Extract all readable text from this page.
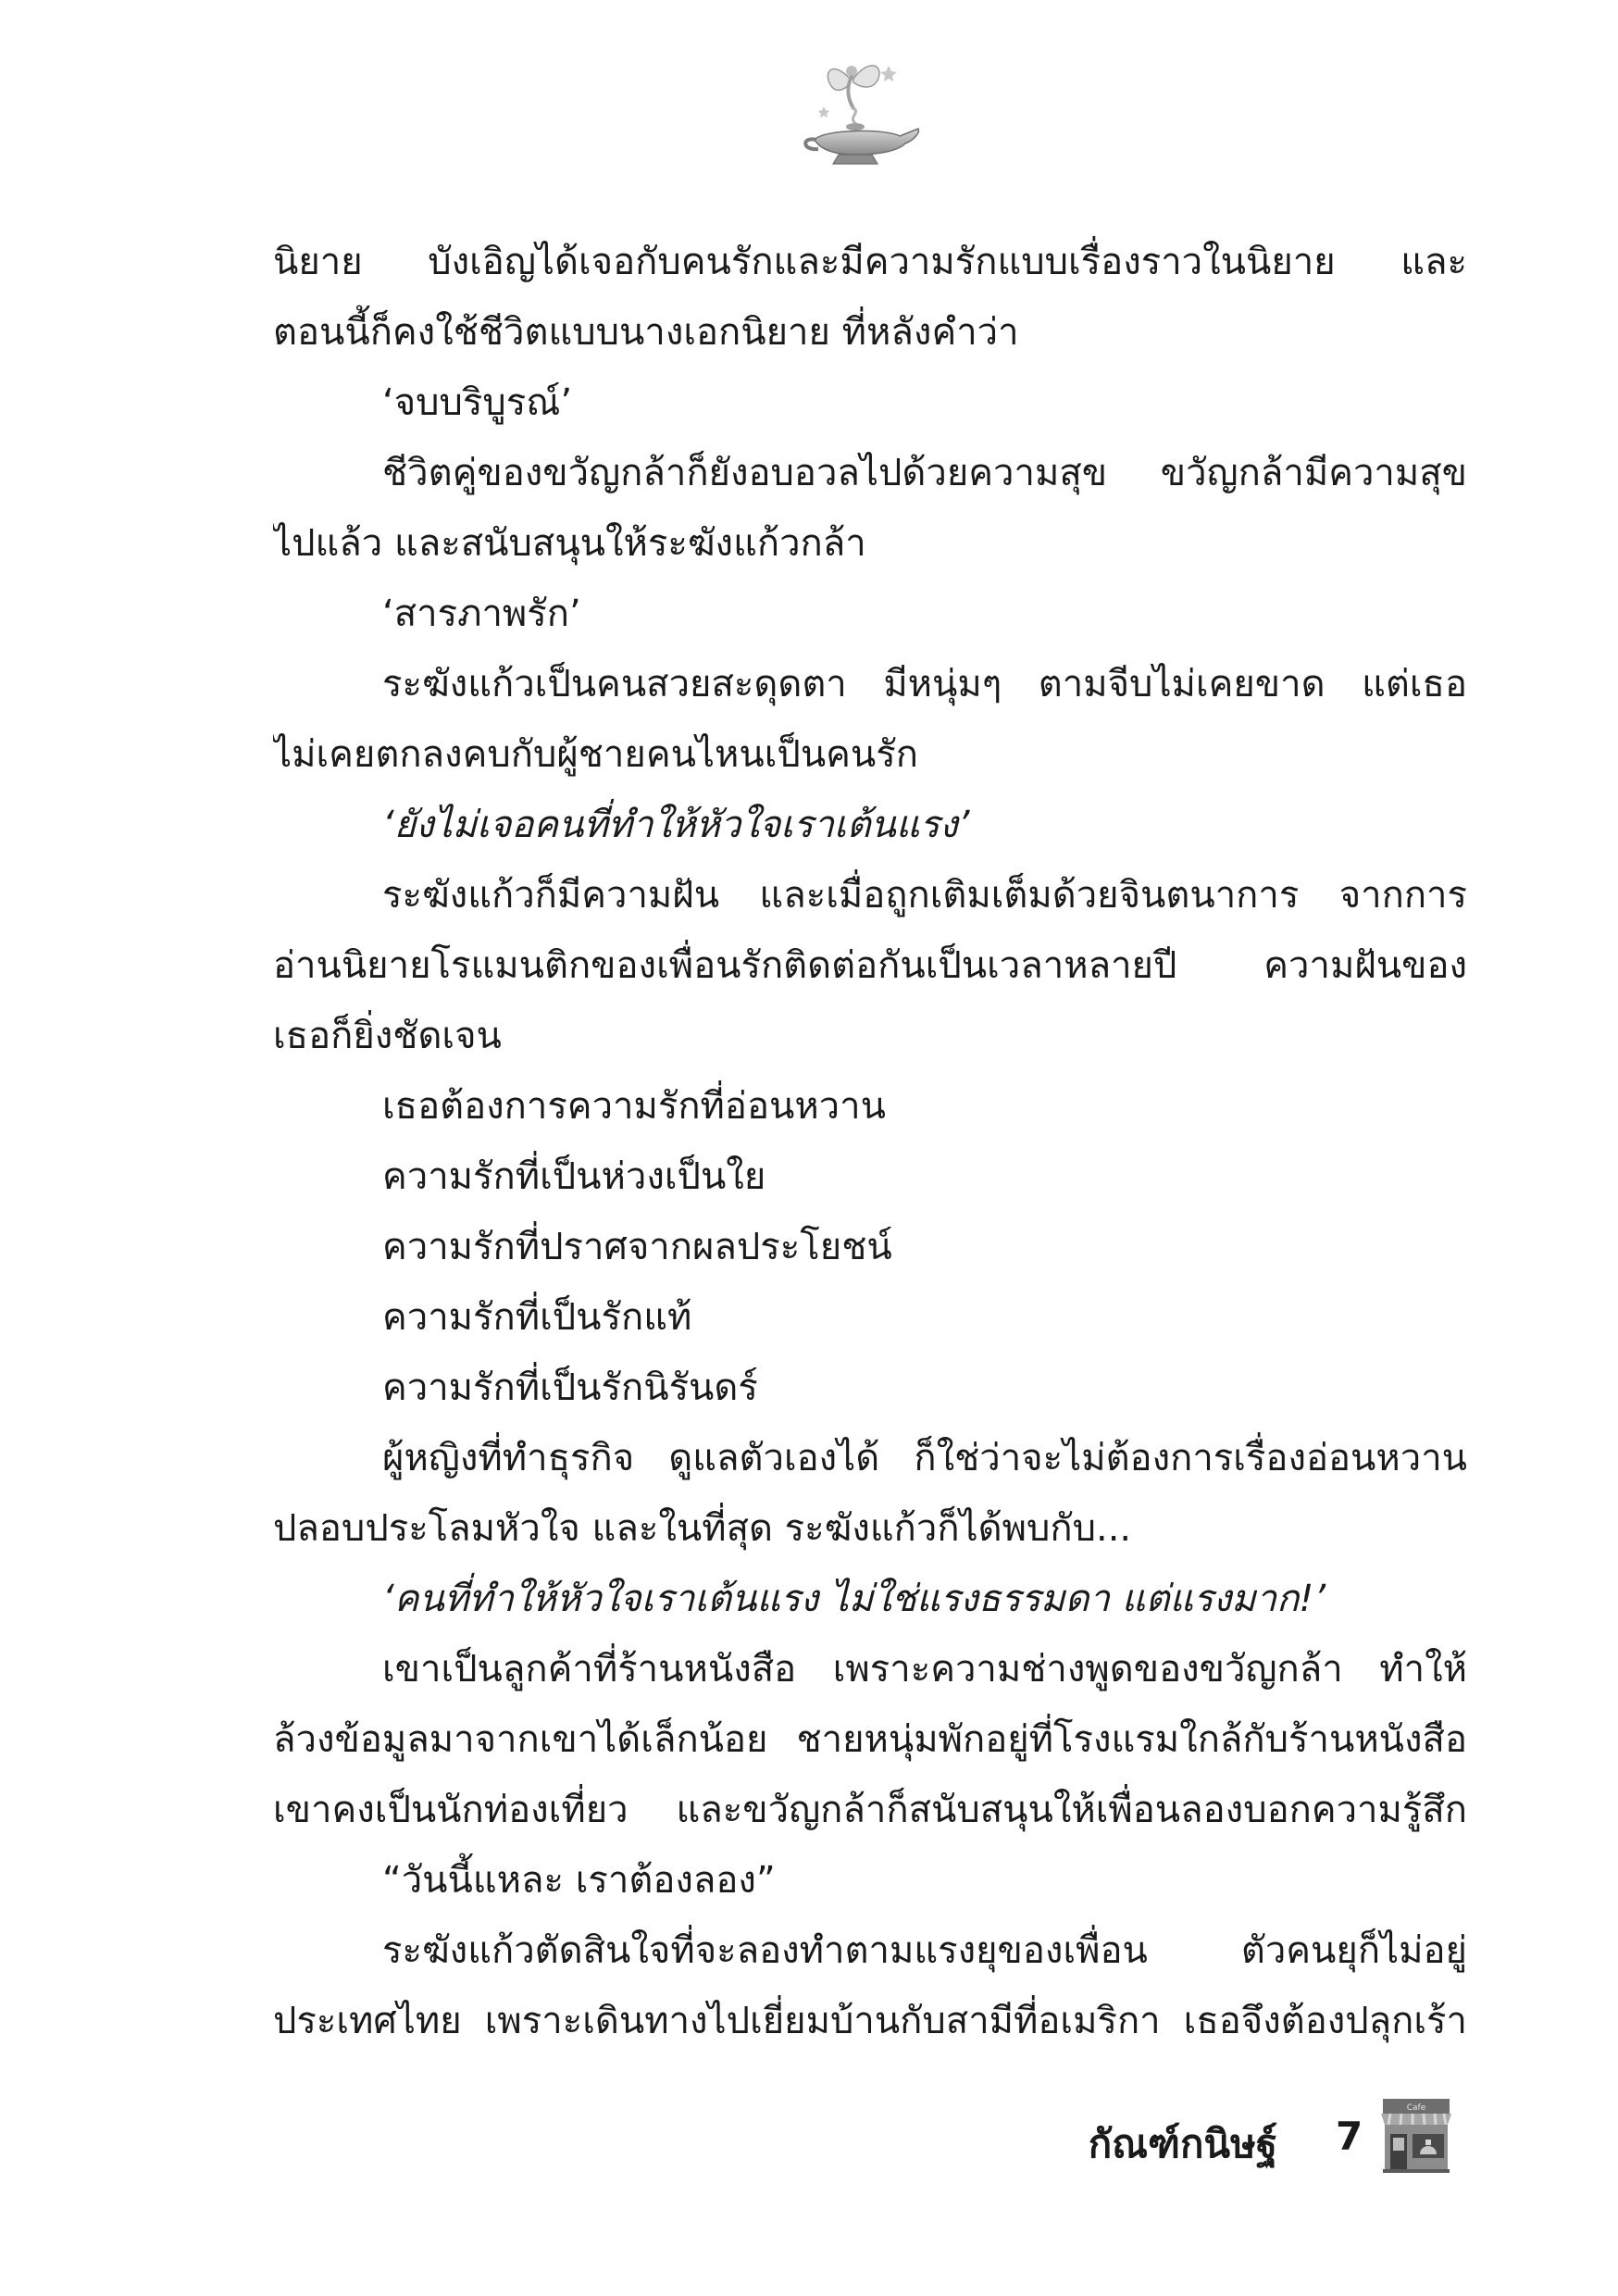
นิยาย บังเอิญได้เจอกับคนรักและมีความรักแบบเรื่องราวในนิยาย และ
ตอนนี้ก็คงใช้ชีวิตแบบนางเอกนิยาย ที่หลังคำว่า
‘จบบริบูรณ์’
ชีวิตคู่ของขวัญกล้าก็ยังอบอวลไปด้วยความสุข ขวัญกล้ามีความสุข
ไปแล้ว และสนับสนุนให้ระฆังแก้วกล้า
‘สารภาพรัก’
ระฆังแก้วเป็นคนสวยสะดุดตา มีหนุ่มๆ ตามจีบไม่เคยขาด แต่เธอ
ไม่เคยตกลงคบกับผู้ชายคนไหนเป็นคนรัก
‘ยังไม่เจอคนที่ทำให้หัวใจเราเต้นแรง’
ระฆังแก้วก็มีความฝัน และเมื่อถูกเติมเต็มด้วยจินตนาการ จากการ
อ่านนิยายโรแมนติกของเพื่อนรักติดต่อกันเป็นเวลาหลายปี ความฝันของ
เธอก็ยิ่งชัดเจน
เธอต้องการความรักที่อ่อนหวาน
ความรักที่เป็นห่วงเป็นใย
ความรักที่ปราศจากผลประโยชน์
ความรักที่เป็นรักแท้
ความรักที่เป็นรักนิรันดร์
ผู้หญิงที่ทำธุรกิจ ดูแลตัวเองได้ ก็ใช่ว่าจะไม่ต้องการเรื่องอ่อนหวาน
ปลอบประโลมหัวใจ และในที่สุด ระฆังแก้วก็ได้พบกับ...
‘คนที่ทำให้หัวใจเราเต้นแรง ไม่ใช่แรงธรรมดา แต่แรงมาก!’
เขาเป็นลูกค้าที่ร้านหนังสือ เพราะความช่างพูดของขวัญกล้า ทำให้
ล้วงข้อมูลมาจากเขาได้เล็กน้อย ชายหนุ่มพักอยู่ที่โรงแรมใกล้กับร้านหนังสือ
เขาคงเป็นนักท่องเที่ยว และขวัญกล้าก็สนับสนุนให้เพื่อนลองบอกความรู้สึก
“วันนี้แหละ เราต้องลอง”
ระฆังแก้วตัดสินใจที่จะลองทำตามแรงยุของเพื่อน ตัวคนยุก็ไม่อยู่
ประเทศไทย เพราะเดินทางไปเยี่ยมบ้านกับสามีที่อเมริกา เธอจึงต้องปลุกเร้า
กัณฑ์กนิษฐ์ 7
Cafe
